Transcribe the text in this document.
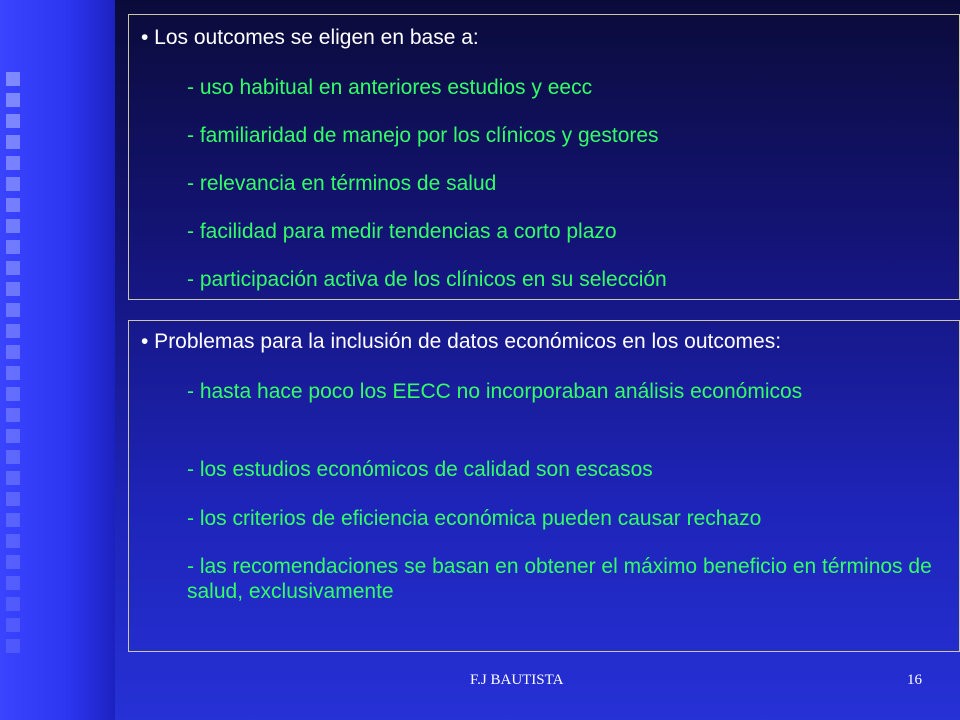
• Los outcomes se eligen en base a:
- uso habitual en anteriores estudios y eecc
- familiaridad de manejo por los clínicos y gestores
- relevancia en términos de salud
- facilidad para medir tendencias a corto plazo
- participación activa de los clínicos en su selección
• Problemas para la inclusión de datos económicos en los outcomes:
- hasta hace poco los EECC no incorporaban análisis económicos
- los estudios económicos de calidad son escasos
- los criterios de eficiencia económica pueden causar rechazo
- las recomendaciones se basan en obtener el máximo beneficio en términos de salud, exclusivamente
F.J BAUTISTA	16
